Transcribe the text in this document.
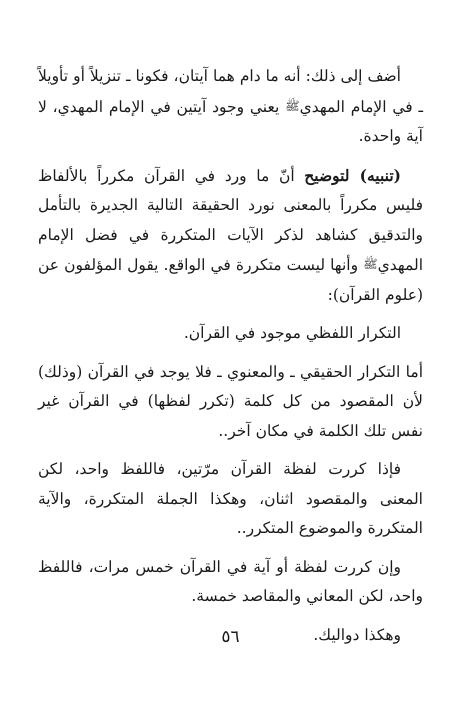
أضف إلى ذلك: أنه ما دام هما آيتان، فكونا ـ تنزيلاً أو تأويلاً ـ في الإمام المهديﷺ يعني وجود آيتين في الإمام المهدي، لا آية واحدة.

(تنبيه) لتوضيح أنّ ما ورد في القرآن مكرراً بالألفاظ فليس مكرراً بالمعنى نورد الحقيقة التالية الجديرة بالتأمل والتدقيق كشاهد لذكر الآيات المتكررة في فضل الإمام المهديﷺ وأنها ليست متكررة في الواقع. يقول المؤلفون عن (علوم القرآن):

التكرار اللفظي موجود في القرآن.

أما التكرار الحقيقي ـ والمعنوي ـ فلا يوجد في القرآن (وذلك) لأن المقصود من كل كلمة (تكرر لفظها) في القرآن غير نفس تلك الكلمة في مكان آخر..

فإذا كررت لفظة القرآن مرّتين، فاللفظ واحد، لكن المعنى والمقصود اثنان، وهكذا الجملة المتكررة، والآية المتكررة والموضوع المتكرر..

وإن كررت لفظة أو آية في القرآن خمس مرات، فاللفظ واحد، لكن المعاني والمقاصد خمسة.

وهكذا دواليك.

٥٦
